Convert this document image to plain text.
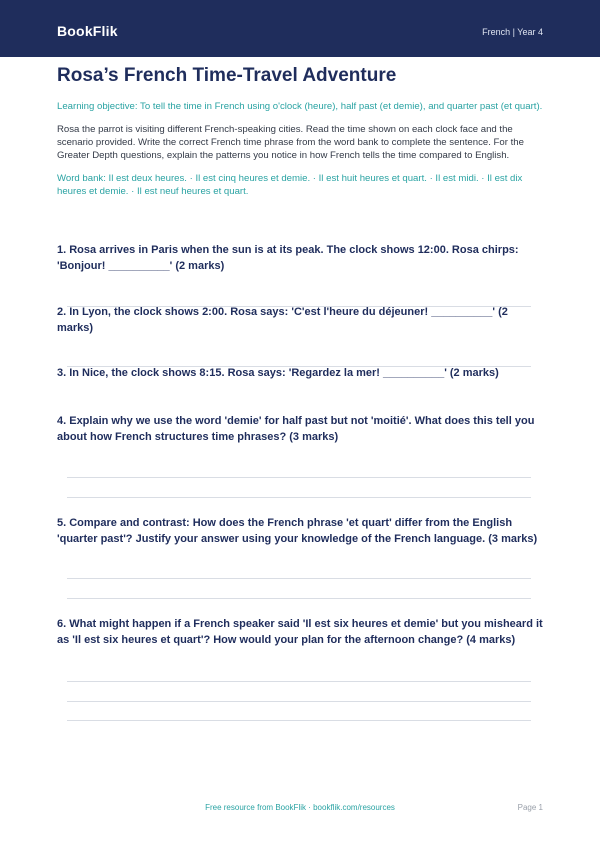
BookFlik	French | Year 4
Rosa’s French Time-Travel Adventure
Learning objective: To tell the time in French using o'clock (heure), half past (et demie), and quarter past (et quart).
Rosa the parrot is visiting different French-speaking cities. Read the time shown on each clock face and the scenario provided. Write the correct French time phrase from the word bank to complete the sentence. For the Greater Depth questions, explain the patterns you notice in how French tells the time compared to English.
Word bank: Il est deux heures. · Il est cinq heures et demie. · Il est huit heures et quart. · Il est midi. · Il est dix heures et demie. · Il est neuf heures et quart.
1. Rosa arrives in Paris when the sun is at its peak. The clock shows 12:00. Rosa chirps: 'Bonjour! __________' (2 marks)
2. In Lyon, the clock shows 2:00. Rosa says: 'C'est l'heure du déjeuner! __________' (2 marks)
3. In Nice, the clock shows 8:15. Rosa says: 'Regardez la mer! __________' (2 marks)
4. Explain why we use the word 'demie' for half past but not 'moitié'. What does this tell you about how French structures time phrases? (3 marks)
5. Compare and contrast: How does the French phrase 'et quart' differ from the English 'quarter past'? Justify your answer using your knowledge of the French language. (3 marks)
6. What might happen if a French speaker said 'Il est six heures et demie' but you misheard it as 'Il est six heures et quart'? How would your plan for the afternoon change? (4 marks)
Free resource from BookFlik · bookflik.com/resources	Page 1
